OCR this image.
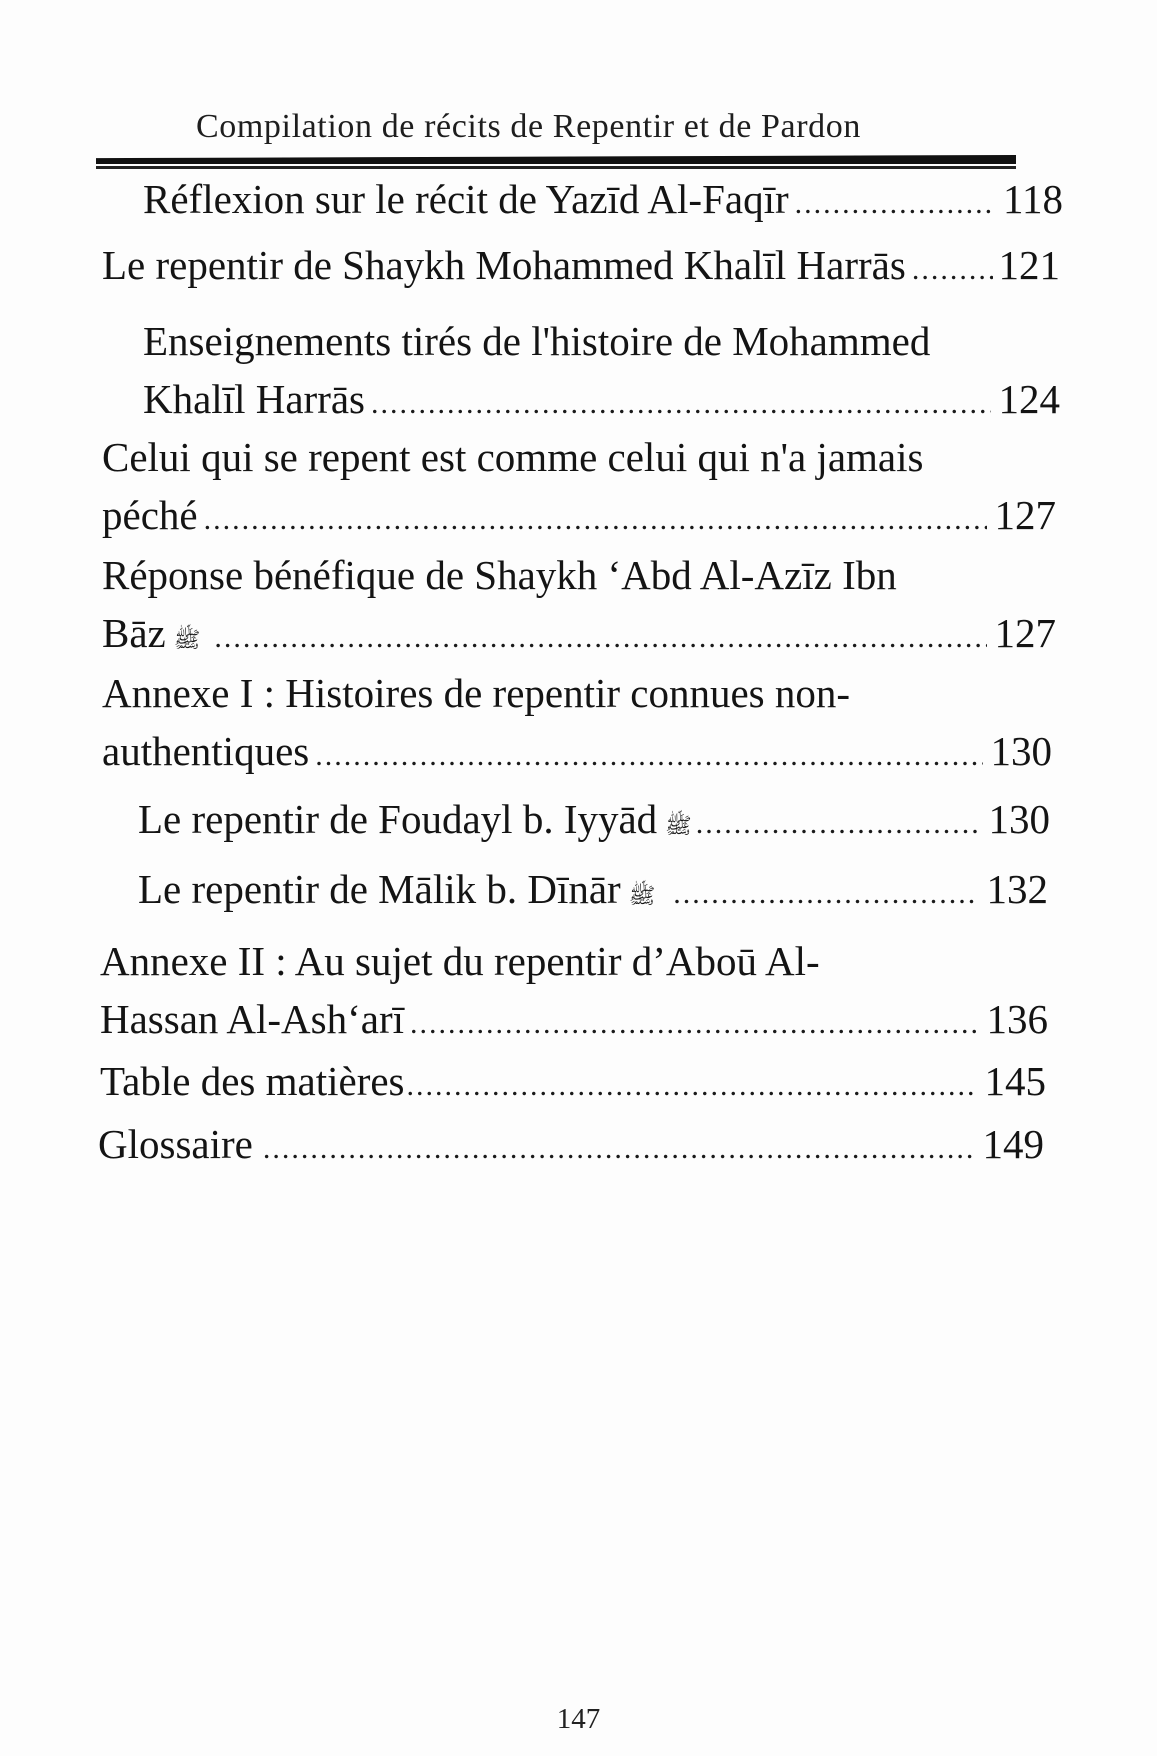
Compilation de récits de Repentir et de Pardon
Réflexion sur le récit de Yazīd Al-Faqīr .....	118
Le repentir de Shaykh Mohammed Khalīl Harrās ..... 121
Enseignements tirés de l'histoire de Mohammed
Khalīl Harrās .....	124
Celui qui se repent est comme celui qui n'a jamais
péché .....	127
Réponse bénéfique de Shaykh ‘Abd Al-Azīz Ibn
Bāz ﷺ .....	127
Annexe I : Histoires de repentir connues non-
authentiques .....	130
Le repentir de Foudayl b. Iyyād ﷺ .....	130
Le repentir de Mālik b. Dīnār ﷺ .....	132
Annexe II : Au sujet du repentir d’Aboū Al-
Hassan Al-Ash‘arī .....	136
Table des matières .....	145
Glossaire .....	149
147
